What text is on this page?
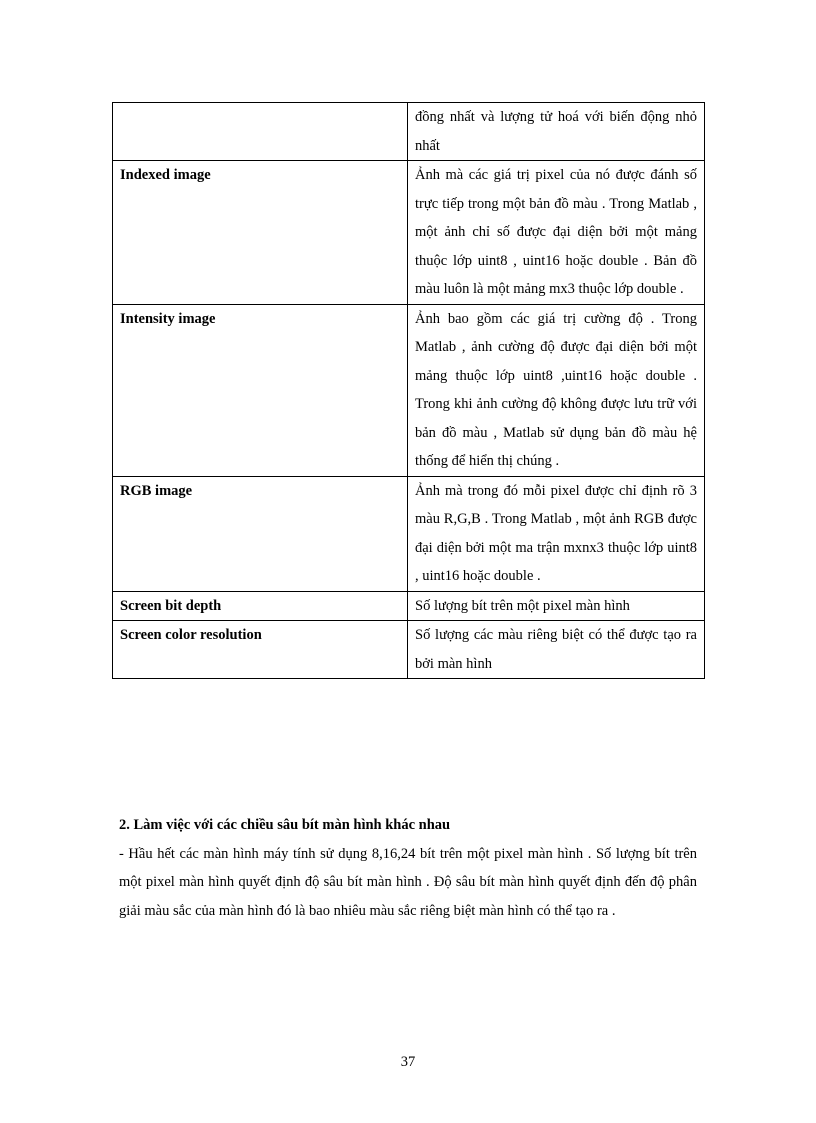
	đồng nhất và lượng tử hoá với biến động nhỏ nhất
Indexed image	Ảnh mà các giá trị pixel của nó được đánh số trực tiếp trong một bản đồ màu . Trong Matlab , một ảnh chỉ số được đại diện bởi một mảng thuộc lớp uint8 , uint16 hoặc double . Bản đồ màu luôn là một mảng mx3 thuộc lớp double .
Intensity image	Ảnh bao gồm các giá trị cường độ . Trong Matlab , ảnh cường độ được đại diện bởi một mảng thuộc lớp uint8 ,uint16 hoặc double . Trong khi ảnh cường độ không được lưu trữ với bản đồ màu , Matlab sử dụng bản đồ màu hệ thống để hiển thị chúng .
RGB image	Ảnh mà trong đó mỗi pixel được chỉ định rõ 3 màu R,G,B . Trong Matlab , một ảnh RGB được đại diện bởi một ma trận mxnx3 thuộc lớp uint8 , uint16 hoặc double .
Screen bit depth	Số lượng bít trên một pixel màn hình
Screen color resolution	Số lượng các màu riêng biệt có thể được tạo ra bởi màn hình
2. Làm việc với các chiều sâu bít màn hình khác nhau

- Hầu hết các màn hình máy tính sử dụng 8,16,24 bít trên một pixel màn hình . Số lượng bít trên một pixel màn hình quyết định độ sâu bít màn hình . Độ sâu bít màn hình quyết định đến độ phân giải màu sắc của màn hình đó là bao nhiêu màu sắc riêng biệt màn hình có thể tạo ra .

37
